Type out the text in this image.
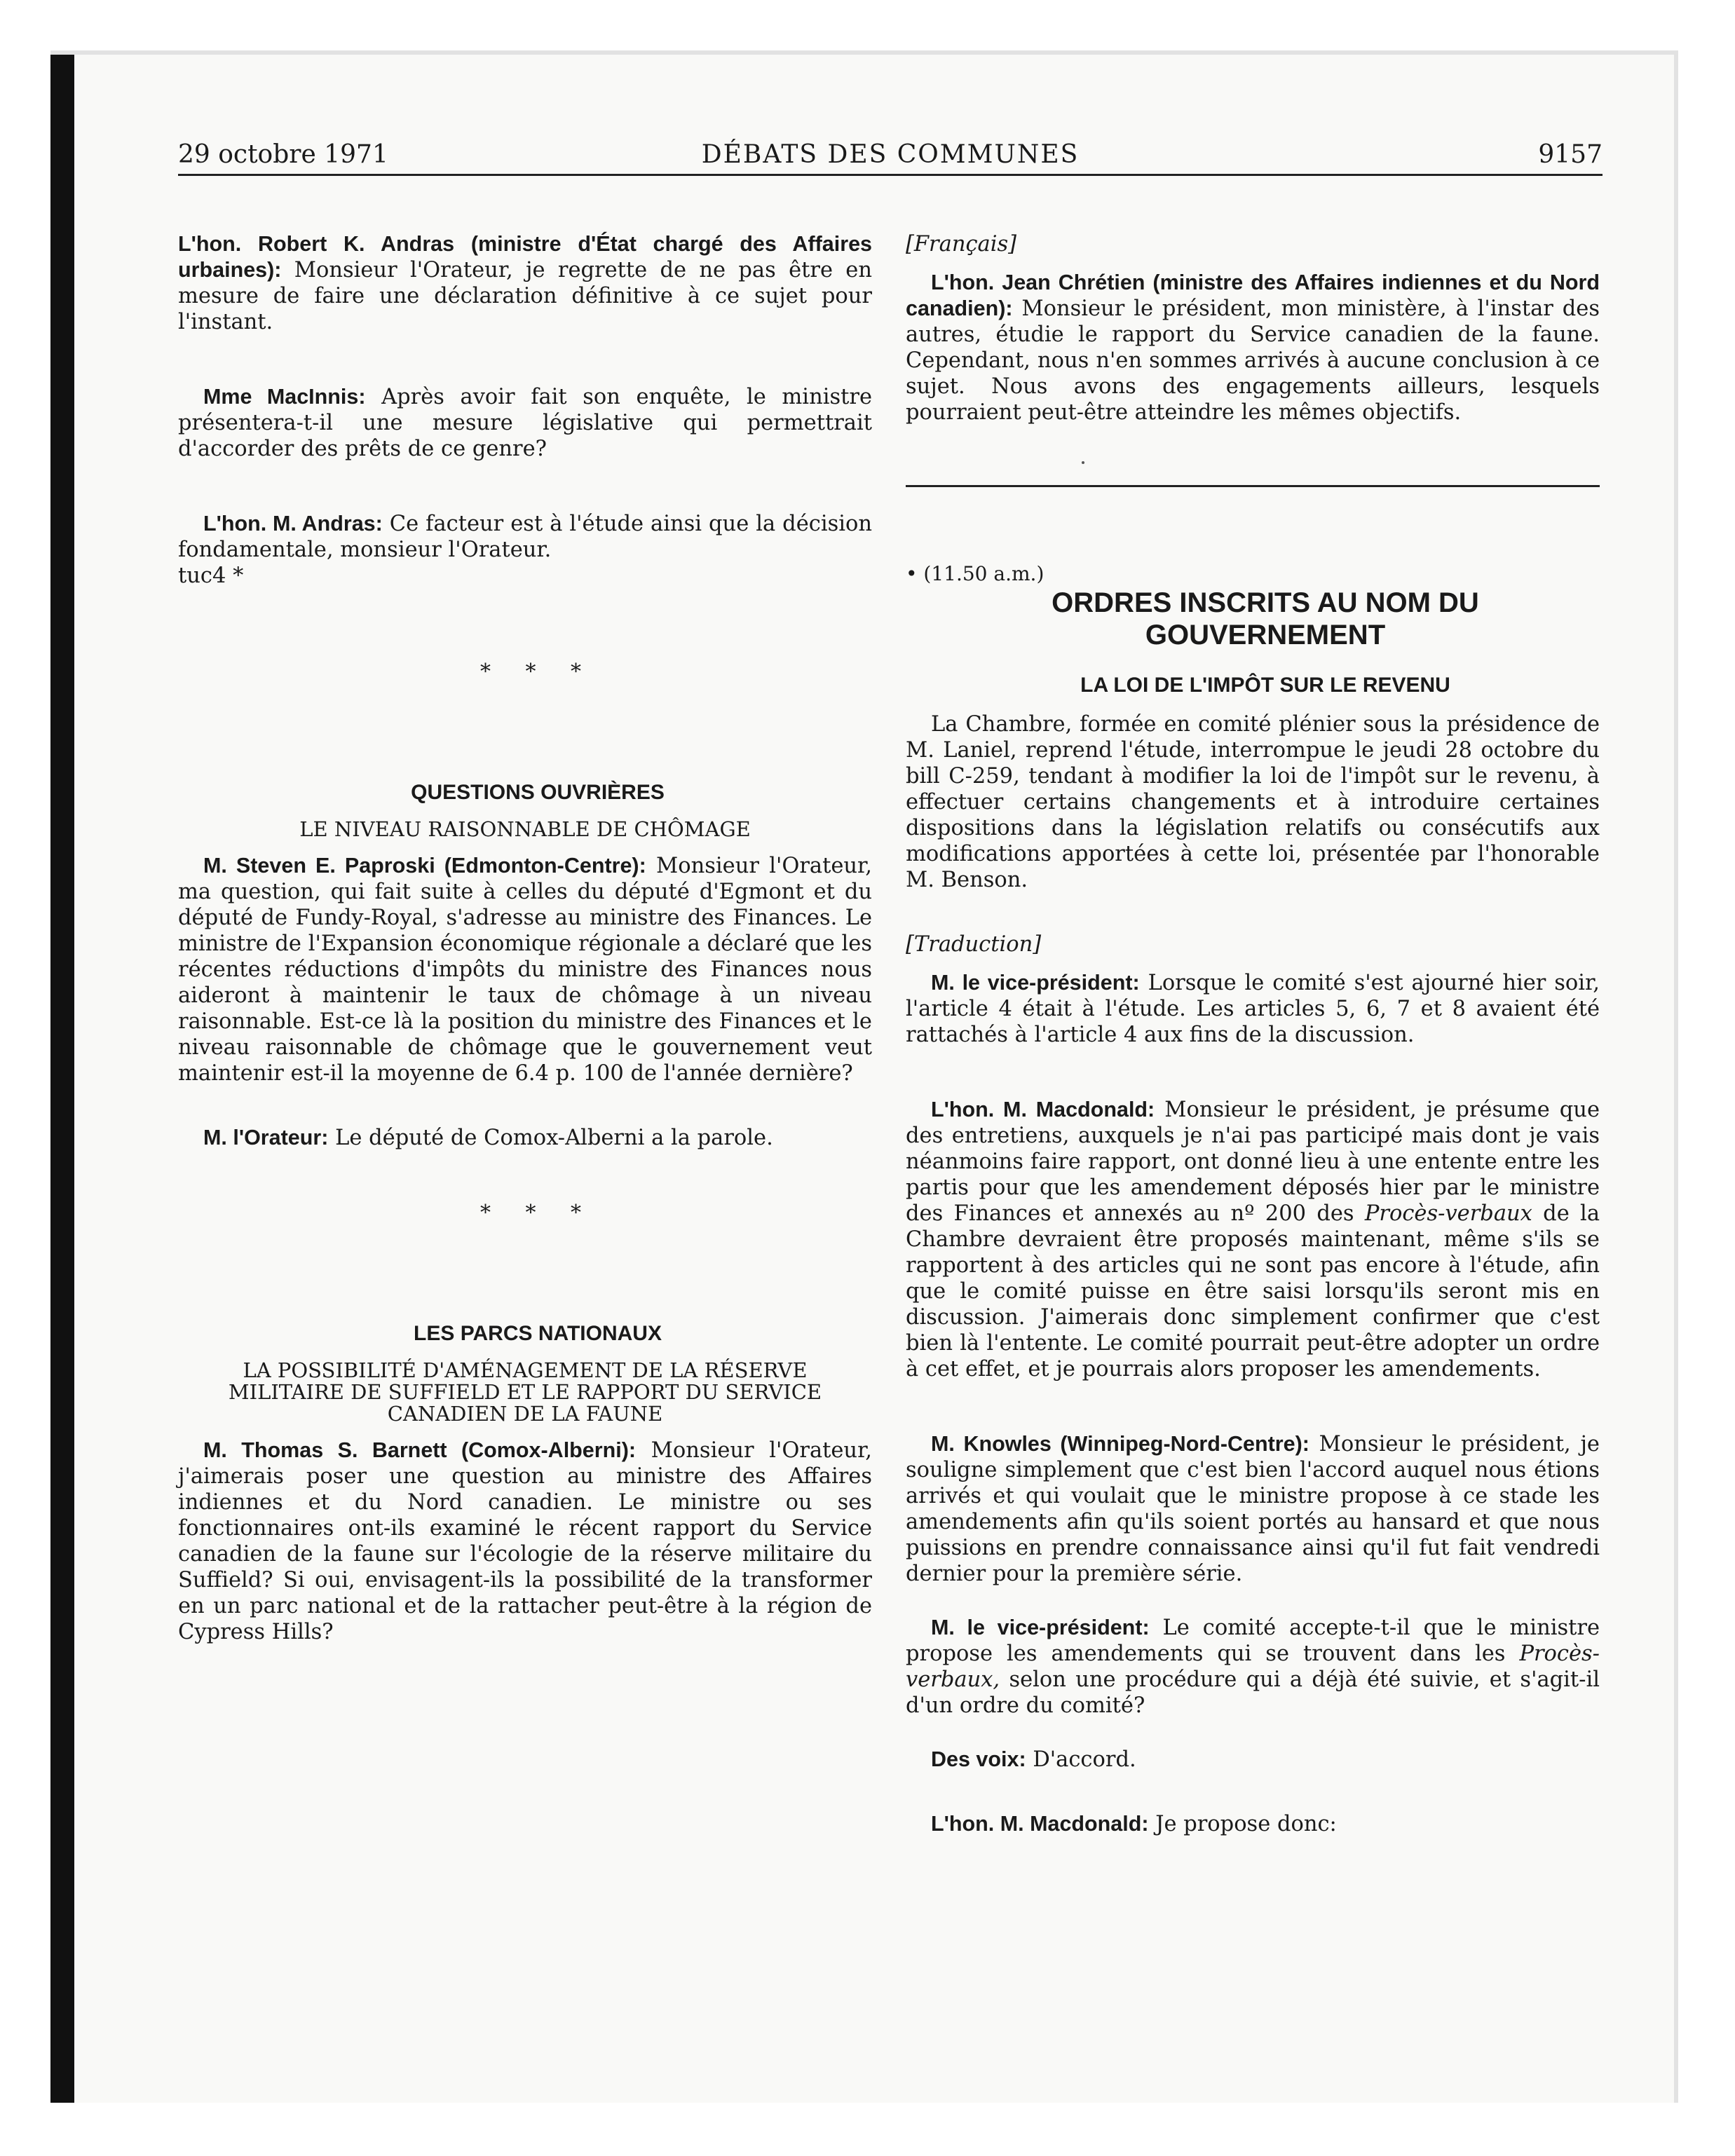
29 octobre 1971	DÉBATS DES COMMUNES	9157

L'hon. Robert K. Andras (ministre d'État chargé des Affaires urbaines): Monsieur l'Orateur, je regrette de ne pas être en mesure de faire une déclaration définitive à ce sujet pour l'instant.

Mme MacInnis: Après avoir fait son enquête, le ministre présentera-t-il une mesure législative qui permettrait d'accorder des prêts de ce genre?

L'hon. M. Andras: Ce facteur est à l'étude ainsi que la décision fondamentale, monsieur l'Orateur.

tuc4 *

* * *

QUESTIONS OUVRIÈRES

LE NIVEAU RAISONNABLE DE CHÔMAGE

M. Steven E. Paproski (Edmonton-Centre): Monsieur l'Orateur, ma question, qui fait suite à celles du député d'Egmont et du député de Fundy-Royal, s'adresse au ministre des Finances. Le ministre de l'Expansion économique régionale a déclaré que les récentes réductions d'impôts du ministre des Finances nous aideront à maintenir le taux de chômage à un niveau raisonnable. Est-ce là la position du ministre des Finances et le niveau raisonnable de chômage que le gouvernement veut maintenir est-il la moyenne de 6.4 p. 100 de l'année dernière?

M. l'Orateur: Le député de Comox-Alberni a la parole.

* * *

LES PARCS NATIONAUX

LA POSSIBILITÉ D'AMÉNAGEMENT DE LA RÉSERVE

MILITAIRE DE SUFFIELD ET LE RAPPORT DU SERVICE

CANADIEN DE LA FAUNE

M. Thomas S. Barnett (Comox-Alberni): Monsieur l'Orateur, j'aimerais poser une question au ministre des Affaires indiennes et du Nord canadien. Le ministre ou ses fonctionnaires ont-ils examiné le récent rapport du Service canadien de la faune sur l'écologie de la réserve militaire du Suffield? Si oui, envisagent-ils la possibilité de la transformer en un parc national et de la rattacher peut-être à la région de Cypress Hills?

[Français]

L'hon. Jean Chrétien (ministre des Affaires indiennes et du Nord canadien): Monsieur le président, mon ministère, à l'instar des autres, étudie le rapport du Service canadien de la faune. Cependant, nous n'en sommes arrivés à aucune conclusion à ce sujet. Nous avons des engagements ailleurs, lesquels pourraient peut-être atteindre les mêmes objectifs.

• (11.50 a.m.)

ORDRES INSCRITS AU NOM DU

GOUVERNEMENT

LA LOI DE L'IMPÔT SUR LE REVENU

La Chambre, formée en comité plénier sous la présidence de M. Laniel, reprend l'étude, interrompue le jeudi 28 octobre du bill C-259, tendant à modifier la loi de l'impôt sur le revenu, à effectuer certains changements et à introduire certaines dispositions dans la législation relatifs ou consécutifs aux modifications apportées à cette loi, présentée par l'honorable M. Benson.

[Traduction]

M. le vice-président: Lorsque le comité s'est ajourné hier soir, l'article 4 était à l'étude. Les articles 5, 6, 7 et 8 avaient été rattachés à l'article 4 aux fins de la discussion.

L'hon. M. Macdonald: Monsieur le président, je présume que des entretiens, auxquels je n'ai pas participé mais dont je vais néanmoins faire rapport, ont donné lieu à une entente entre les partis pour que les amendement déposés hier par le ministre des Finances et annexés au nº 200 des Procès-verbaux de la Chambre devraient être proposés maintenant, même s'ils se rapportent à des articles qui ne sont pas encore à l'étude, afin que le comité puisse en être saisi lorsqu'ils seront mis en discussion. J'aimerais donc simplement confirmer que c'est bien là l'entente. Le comité pourrait peut-être adopter un ordre à cet effet, et je pourrais alors proposer les amendements.

M. Knowles (Winnipeg-Nord-Centre): Monsieur le président, je souligne simplement que c'est bien l'accord auquel nous étions arrivés et qui voulait que le ministre propose à ce stade les amendements afin qu'ils soient portés au hansard et que nous puissions en prendre connaissance ainsi qu'il fut fait vendredi dernier pour la première série.

M. le vice-président: Le comité accepte-t-il que le ministre propose les amendements qui se trouvent dans les Procès-verbaux, selon une procédure qui a déjà été suivie, et s'agit-il d'un ordre du comité?

Des voix: D'accord.

L'hon. M. Macdonald: Je propose donc:
